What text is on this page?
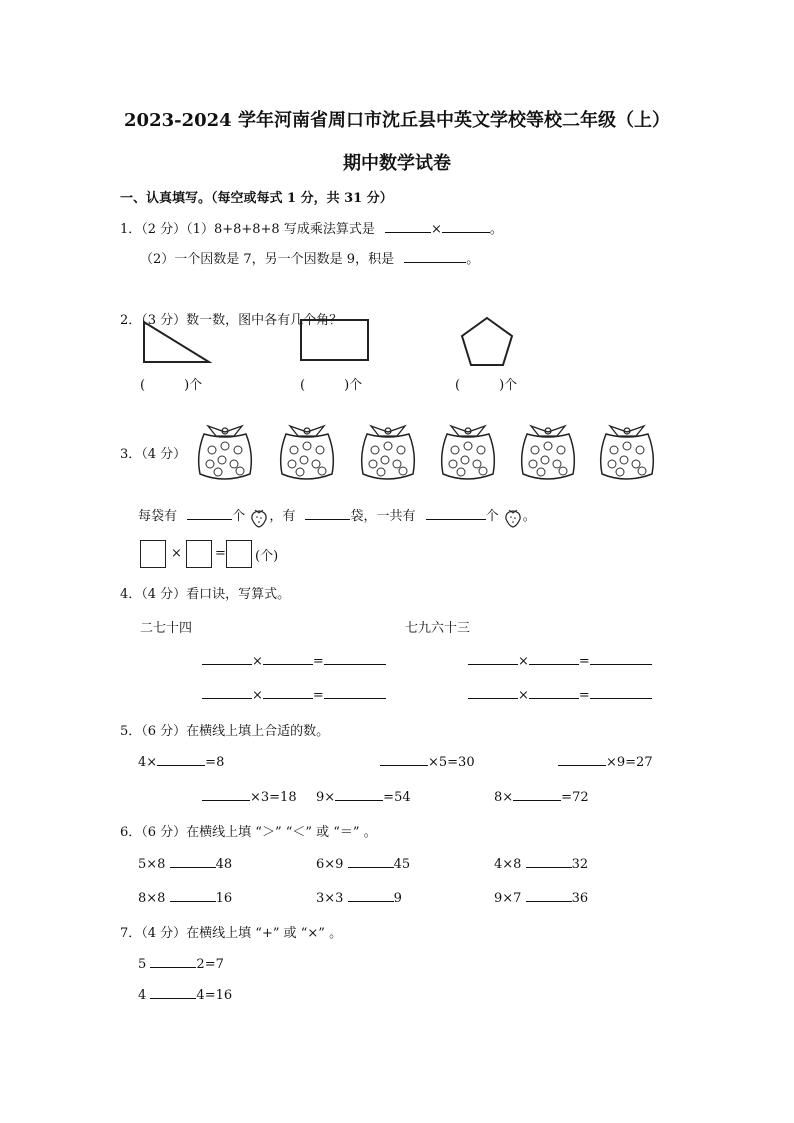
2023-2024 学年河南省周口市沈丘县中英文学校等校二年级（上）
期中数学试卷
一、认真填写。（每空或每式 1 分，共 31 分）
1．（2 分）（1）8+8+8+8 写成乘法算式是	×	。
（2）一个因数是 7，另一个因数是 9，积是	。
2．（3 分）数一数，图中各有几个角？
(　　　)个	(　　　)个	(　　　)个
3．（4 分）
每袋有	个 ，有	袋，一共有	个 。
×	= (个)
4．（4 分）看口诀，写算式。
二七十四	七九六十三
×	=	×	=
×	=	×	=
5．（6 分）在横线上填上合适的数。
4×	=8	×5=30	×9=27
×3=18 9×	=54	8×	=72
6．（6 分）在横线上填 “＞” “＜” 或 “＝” 。
5×8	48	6×9	45	4×8	32
8×8	16	3×3	9	9×7	36
7．（4 分）在横线上填 “+” 或 “×” 。
5	2=7
4	4=16
